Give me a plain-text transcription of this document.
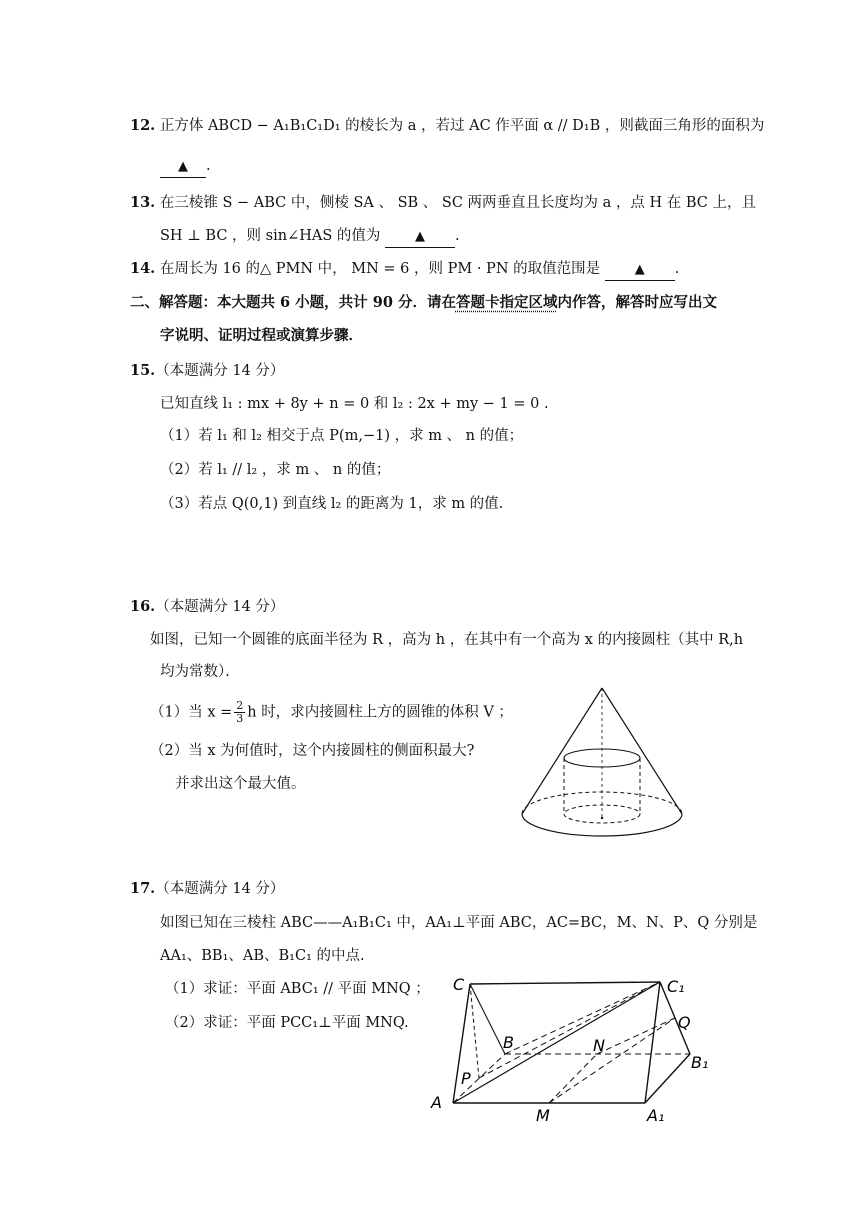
12. 正方体 ABCD − A₁B₁C₁D₁ 的棱长为 a ，若过 AC 作平面 α // D₁B ，则截面三角形的面积为
▲ .
13. 在三棱锥 S − ABC 中，侧棱 SA 、 SB 、 SC 两两垂直且长度均为 a ，点 H 在 BC 上，且
SH ⊥ BC ，则 sin∠HAS 的值为	▲ .
14. 在周长为 16 的△ PMN 中， MN = 6 ，则 PM · PN 的取值范围是	▲ .
二、解答题：本大题共 6 小题，共计 90 分．请在答题卡指定区域内作答，解答时应写出文
字说明、证明过程或演算步骤．
15.（本题满分 14 分）
已知直线 l₁ : mx + 8y + n = 0 和 l₂ : 2x + my − 1 = 0 .
（1）若 l₁ 和 l₂ 相交于点 P(m,−1) ，求 m 、 n 的值；
（2）若 l₁ // l₂ ，求 m 、 n 的值；
（3）若点 Q(0,1) 到直线 l₂ 的距离为 1，求 m 的值.
16.（本题满分 14 分）
如图，已知一个圆锥的底面半径为 R ，高为 h ，在其中有一个高为 x 的内接圆柱（其中 R,h
均为常数）．
（1）当 $x = \frac{2}{3}$ h 时，求内接圆柱上方的圆锥的体积 V ；
（2）当 x 为何值时，这个内接圆柱的侧面积最大?
并求出这个最大值。
17.（本题满分 14 分）
如图已知在三棱柱 ABC——A₁B₁C₁ 中，AA₁⊥平面 ABC，AC=BC，M、N、P、Q 分别是
AA₁、BB₁、AB、B₁C₁ 的中点.
（1）求证：平面 ABC₁ // 平面 MNQ ；
（2）求证：平面 PCC₁⊥平面 MNQ.
C	C₁
B	N
Q
B₁
P
A
M	A₁
